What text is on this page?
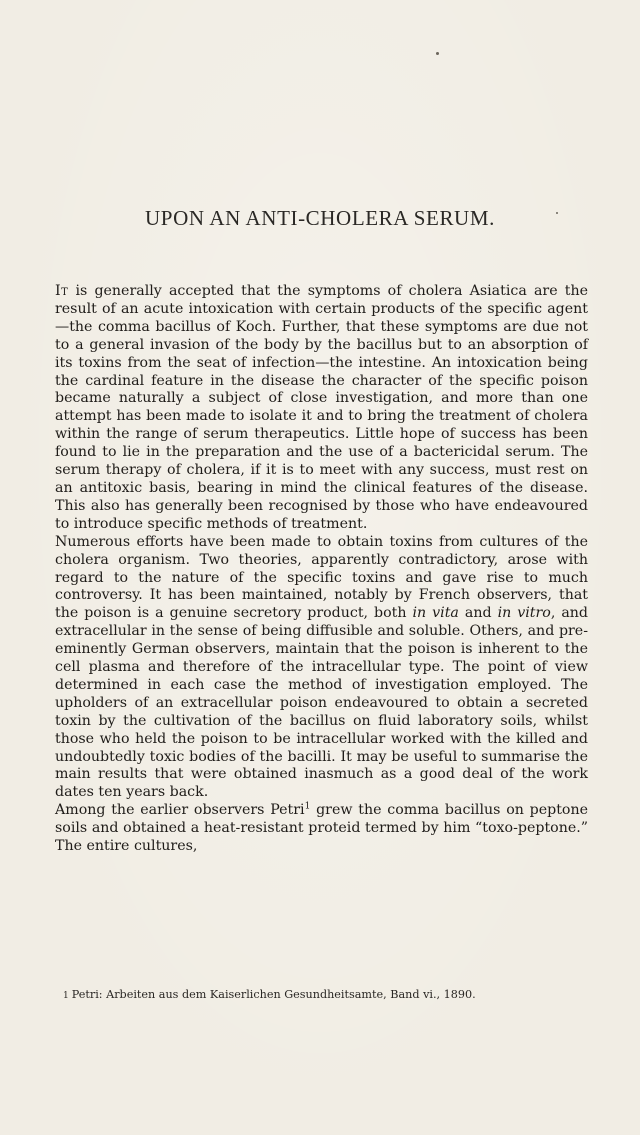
UPON AN ANTI-CHOLERA SERUM.

It is generally accepted that the symptoms of cholera Asiatica are the result of an acute intoxication with certain products of the specific agent—the comma bacillus of Koch. Further, that these symptoms are due not to a general invasion of the body by the bacillus but to an absorption of its toxins from the seat of infection—the intestine. An intoxication being the cardinal feature in the disease the character of the specific poison became naturally a subject of close investigation, and more than one attempt has been made to isolate it and to bring the treatment of cholera within the range of serum therapeutics. Little hope of success has been found to lie in the preparation and the use of a bactericidal serum. The serum therapy of cholera, if it is to meet with any success, must rest on an antitoxic basis, bearing in mind the clinical features of the disease. This also has generally been recognised by those who have endeavoured to introduce specific methods of treatment.

Numerous efforts have been made to obtain toxins from cultures of the cholera organism. Two theories, apparently contradictory, arose with regard to the nature of the specific toxins and gave rise to much controversy. It has been maintained, notably by French observers, that the poison is a genuine secretory product, both in vita and in vitro, and extracellular in the sense of being diffusible and soluble. Others, and pre-eminently German observers, maintain that the poison is inherent to the cell plasma and therefore of the intracellular type. The point of view determined in each case the method of investigation employed. The upholders of an extracellular poison endeavoured to obtain a secreted toxin by the cultivation of the bacillus on fluid laboratory soils, whilst those who held the poison to be intracellular worked with the killed and undoubtedly toxic bodies of the bacilli. It may be useful to summarise the main results that were obtained inasmuch as a good deal of the work dates ten years back.

Among the earlier observers Petri$^1$ grew the comma bacillus on peptone soils and obtained a heat-resistant proteid termed by him “toxo-peptone.” The entire cultures,

1 Petri: Arbeiten aus dem Kaiserlichen Gesundheitsamte, Band vi., 1890.
